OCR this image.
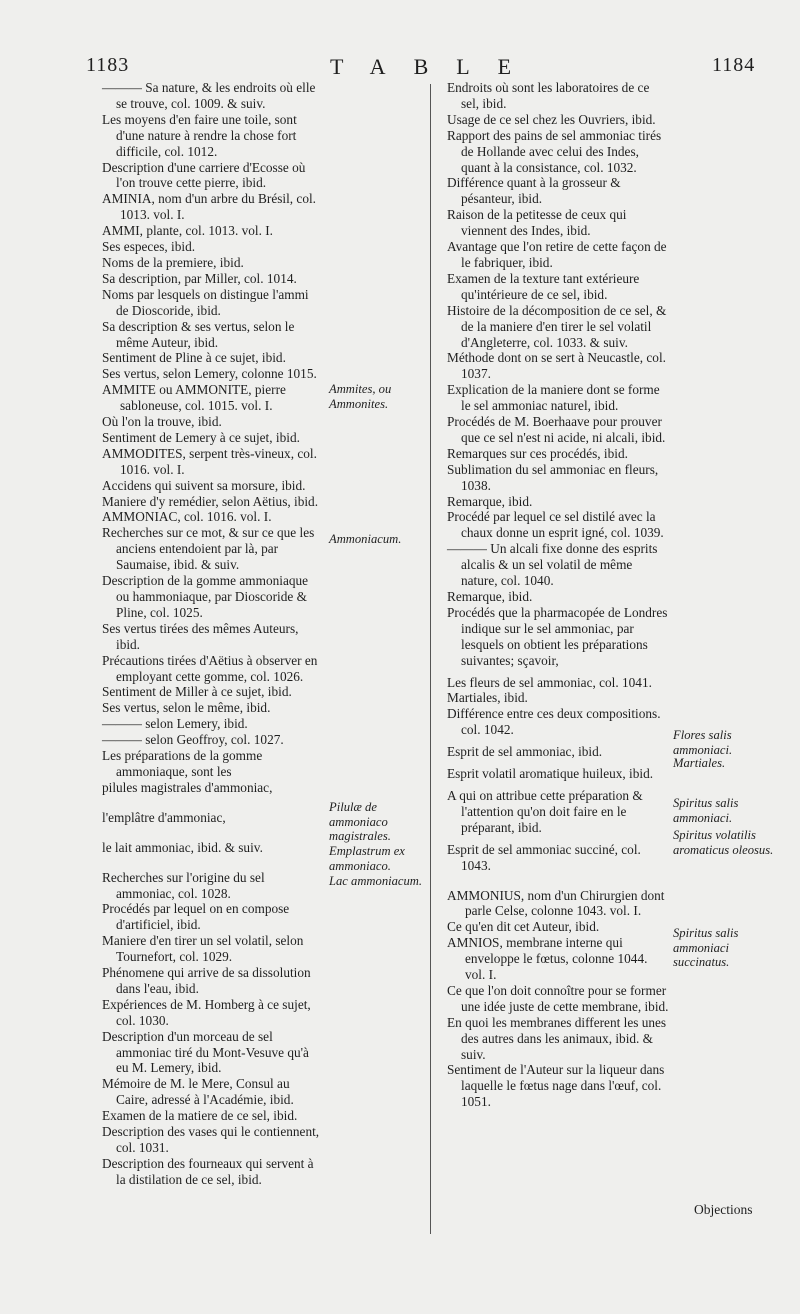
1183	TABLE	1184

——— Sa nature, & les endroits où elle se trouve, col. 1009. & suiv.

Les moyens d'en faire une toile, sont d'une nature à rendre la chose fort difficile, col. 1012.

Description d'une carriere d'Ecosse où l'on trouve cette pierre, ibid.

AMINIA, nom d'un arbre du Brésil, col. 1013. vol. I.

AMMI, plante, col. 1013. vol. I.

Ses especes, ibid.

Noms de la premiere, ibid.

Sa description, par Miller, col. 1014.

Noms par lesquels on distingue l'ammi de Dioscoride, ibid.

Sa description & ses vertus, selon le même Auteur, ibid.

Sentiment de Pline à ce sujet, ibid.

Ses vertus, selon Lemery, colonne 1015.

AMMITE ou AMMONITE, pierre sabloneuse, col. 1015. vol. I.

Où l'on la trouve, ibid.

Sentiment de Lemery à ce sujet, ibid.

AMMODITES, serpent très-vineux, col. 1016. vol. I.

Accidens qui suivent sa morsure, ibid.

Maniere d'y remédier, selon Aëtius, ibid.

AMMONIAC, col. 1016. vol. I.

Recherches sur ce mot, & sur ce que les anciens entendoient par là, par Saumaise, ibid. & suiv.

Description de la gomme ammoniaque ou hammoniaque, par Dioscoride & Pline, col. 1025.

Ses vertus tirées des mêmes Auteurs, ibid.

Précautions tirées d'Aëtius à observer en employant cette gomme, col. 1026.

Sentiment de Miller à ce sujet, ibid.

Ses vertus, selon le même, ibid.

——— selon Lemery, ibid.

——— selon Geoffroy, col. 1027.

Les préparations de la gomme ammoniaque, sont les

pilules magistrales d'ammoniac,

l'emplâtre d'ammoniac,

le lait ammoniac, ibid. & suiv.

Recherches sur l'origine du sel ammoniac, col. 1028.

Procédés par lequel on en compose d'artificiel, ibid.

Maniere d'en tirer un sel volatil, selon Tournefort, col. 1029.

Phénomene qui arrive de sa dissolution dans l'eau, ibid.

Expériences de M. Homberg à ce sujet, col. 1030.

Description d'un morceau de sel ammoniac tiré du Mont-Vesuve qu'à eu M. Lemery, ibid.

Mémoire de M. le Mere, Consul au Caire, adressé à l'Académie, ibid.

Examen de la matiere de ce sel, ibid.

Description des vases qui le contiennent, col. 1031.

Description des fourneaux qui servent à la distilation de ce sel, ibid.

Ammites, ou Ammonites.
Ammoniacum.
Pilulæ de ammoniaco magistrales.
Emplastrum ex ammoniaco.
Lac ammoniacum.

Endroits où sont les laboratoires de ce sel, ibid.

Usage de ce sel chez les Ouvriers, ibid.

Rapport des pains de sel ammoniac tirés de Hollande avec celui des Indes, quant à la consistance, col. 1032.

Différence quant à la grosseur & pésanteur, ibid.

Raison de la petitesse de ceux qui viennent des Indes, ibid.

Avantage que l'on retire de cette façon de le fabriquer, ibid.

Examen de la texture tant extérieure qu'intérieure de ce sel, ibid.

Histoire de la décomposition de ce sel, & de la maniere d'en tirer le sel volatil d'Angleterre, col. 1033. & suiv.

Méthode dont on se sert à Neucastle, col. 1037.

Explication de la maniere dont se forme le sel ammoniac naturel, ibid.

Procédés de M. Boerhaave pour prouver que ce sel n'est ni acide, ni alcali, ibid.

Remarques sur ces procédés, ibid.

Sublimation du sel ammoniac en fleurs, 1038.

Remarque, ibid.

Procédé par lequel ce sel distilé avec la chaux donne un esprit igné, col. 1039.

——— Un alcali fixe donne des esprits alcalis & un sel volatil de même nature, col. 1040.

Remarque, ibid.

Procédés que la pharmacopée de Londres indique sur le sel ammoniac, par lesquels on obtient les préparations suivantes; sçavoir,

Les fleurs de sel ammoniac, col. 1041.

Martiales, ibid.

Différence entre ces deux compositions. col. 1042.

Esprit de sel ammoniac, ibid.

Esprit volatil aromatique huileux, ibid.

A qui on attribue cette préparation & l'attention qu'on doit faire en le préparant, ibid.

Esprit de sel ammoniac succiné, col. 1043.

AMMONIUS, nom d'un Chirurgien dont parle Celse, colonne 1043. vol. I.

Ce qu'en dit cet Auteur, ibid.

AMNIOS, membrane interne qui enveloppe le fœtus, colonne 1044. vol. I.

Ce que l'on doit connoître pour se former une idée juste de cette membrane, ibid.

En quoi les membranes different les unes des autres dans les animaux, ibid. & suiv.

Sentiment de l'Auteur sur la liqueur dans laquelle le fœtus nage dans l'œuf, col. 1051.

Flores salis ammoniaci.
Martiales.
Spiritus salis ammoniaci.
Spiritus volatilis aromaticus oleosus.
Spiritus salis ammoniaci succinatus.
Objections
